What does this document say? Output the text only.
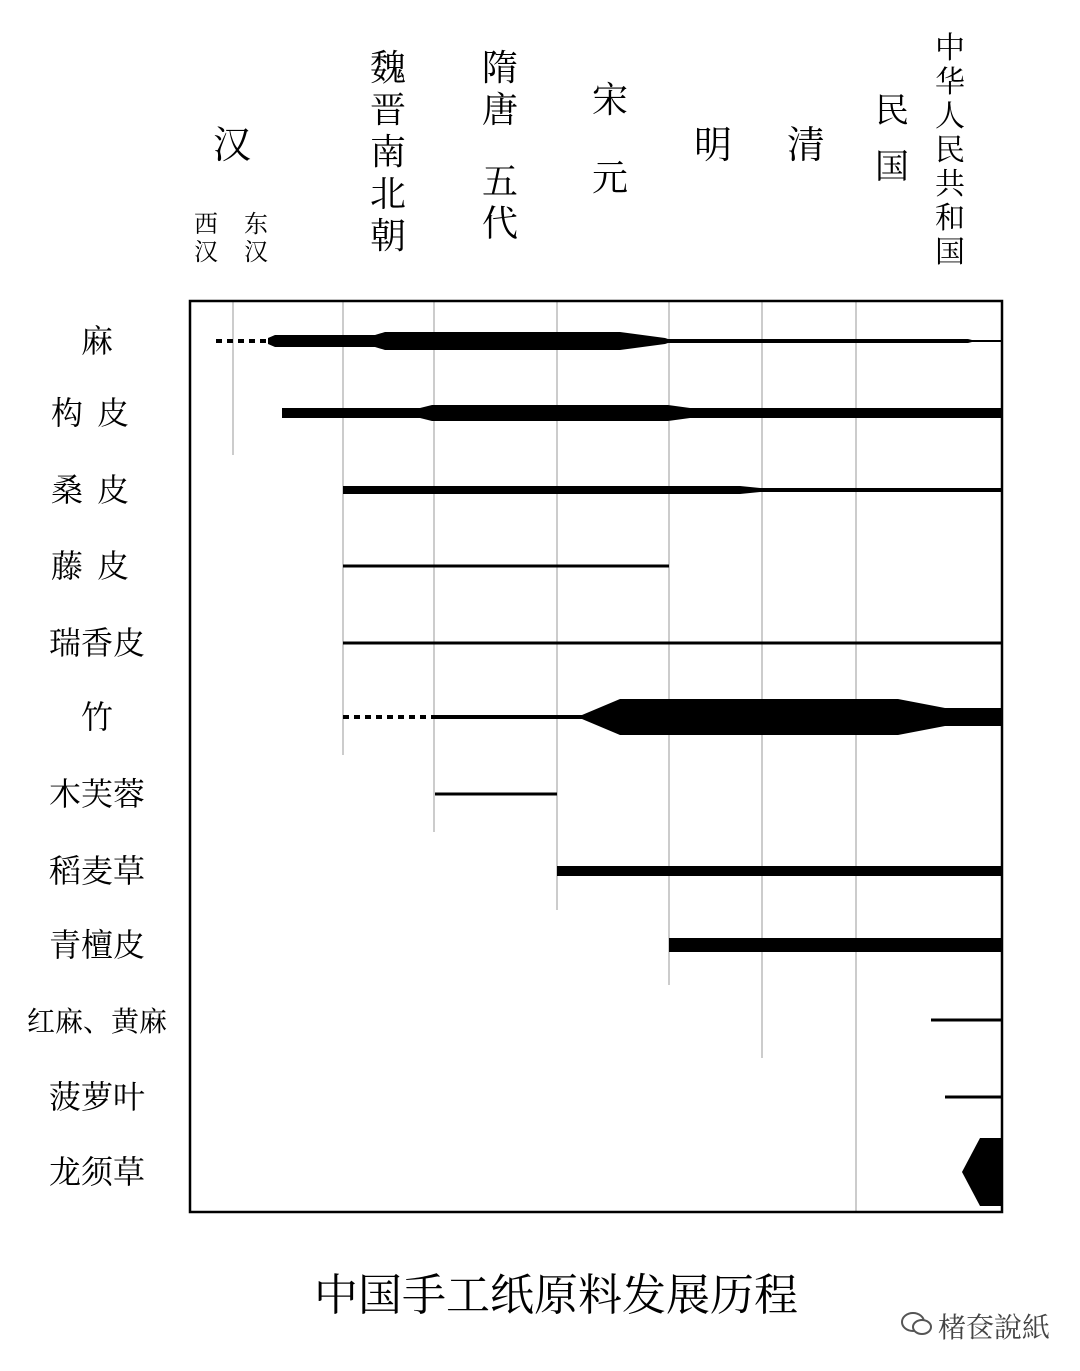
麻
构皮
桑皮
藤皮
瑞香皮
竹
木芙蓉
稻麦草
青檀皮
红麻、黄麻
菠萝叶
龙须草
汉
西
汉
东
汉
魏
晋
南
北
朝
隋
唐
五
代
宋
元
明 清
民
国
中
华
人
民
共
和
国
中国手工纸原料发展历程
楮奁說紙
